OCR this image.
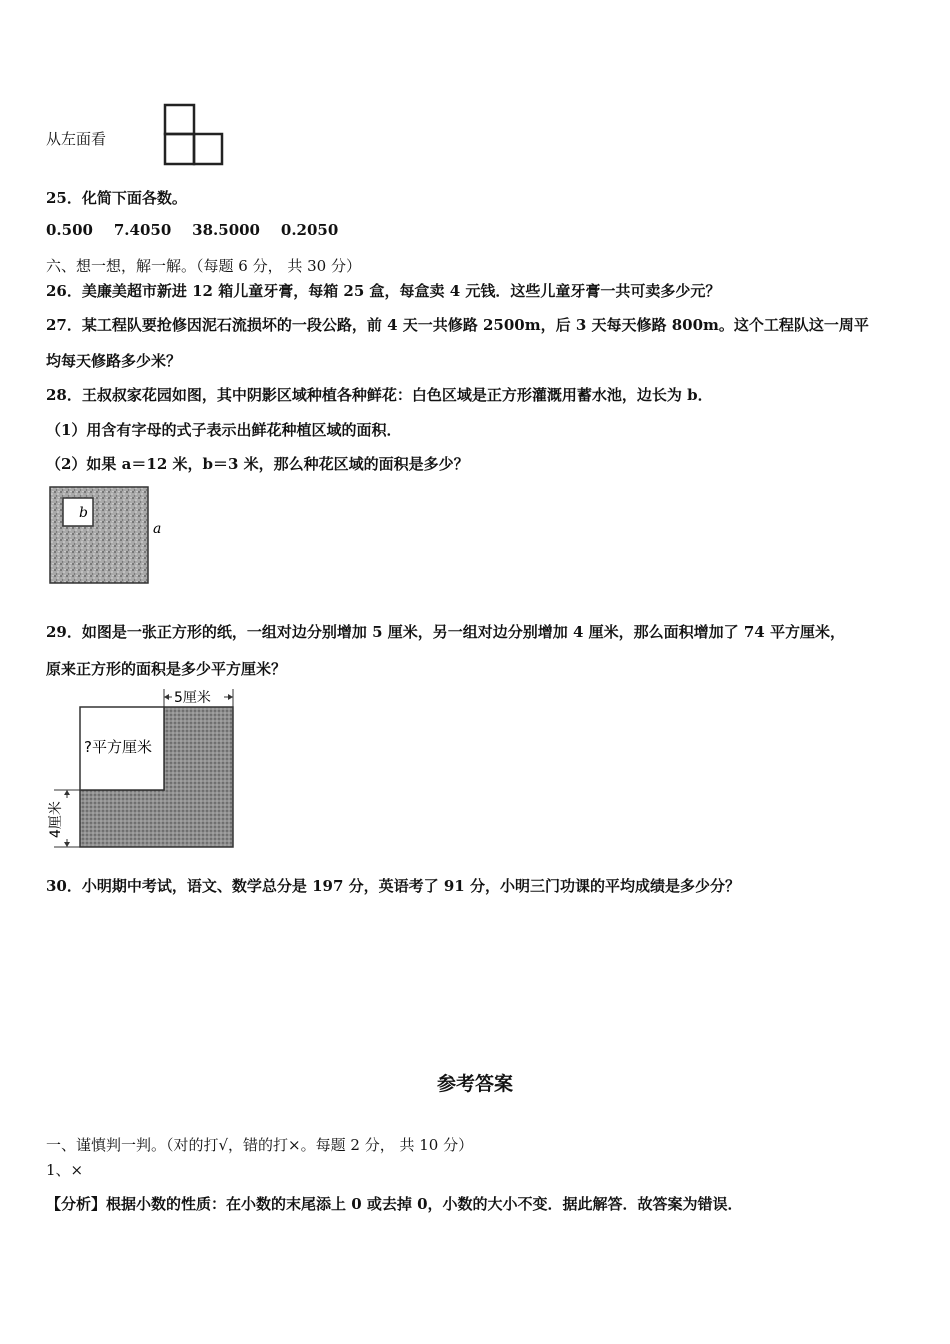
从左面看
25．化简下面各数。
0.500    7.4050    38.5000    0.2050
六、想一想，解一解。（每题 6 分， 共 30 分）
26．美廉美超市新进 12 箱儿童牙膏，每箱 25 盒，每盒卖 4 元钱．这些儿童牙膏一共可卖多少元？
27．某工程队要抢修因泥石流损坏的一段公路，前 4 天一共修路 2500m，后 3 天每天修路 800m。这个工程队这一周平
均每天修路多少米？
28．王叔叔家花园如图，其中阴影区域种植各种鲜花：白色区域是正方形灌溉用蓄水池，边长为 b．
（1）用含有字母的式子表示出鲜花种植区域的面积．
（2）如果 a＝12 米，b＝3 米，那么种花区域的面积是多少？
b
a
29．如图是一张正方形的纸，一组对边分别增加 5 厘米，另一组对边分别增加 4 厘米，那么面积增加了 74 平方厘米，
原来正方形的面积是多少平方厘米？
?平方厘米
5厘米
4厘米
30．小明期中考试，语文、数学总分是 197 分，英语考了 91 分，小明三门功课的平均成绩是多少分？
参考答案
一、谨慎判一判。（对的打√，错的打×。每题 2 分， 共 10 分）
1、×
【分析】根据小数的性质：在小数的末尾添上 0 或去掉 0，小数的大小不变．据此解答．故答案为错误．
